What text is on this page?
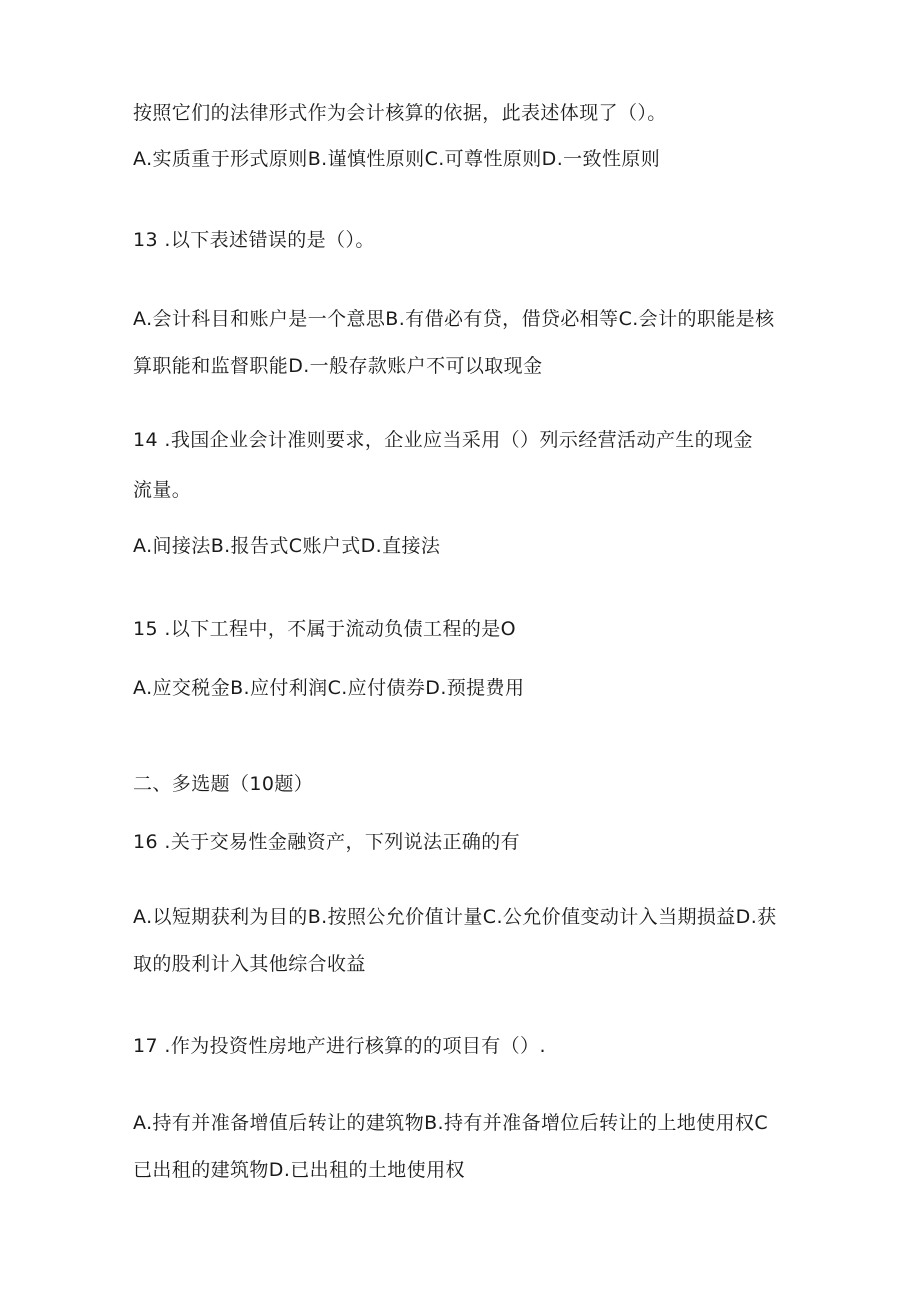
按照它们的法律形式作为会计核算的依据，此表述体现了（）。
A.实质重于形式原则B.谨慎性原则C.可尊性原则D.一致性原则
13 .以下表述错误的是（）。
A.会计科目和账户是一个意思B.有借必有贷，借贷必相等C.会计的职能是核
算职能和监督职能D.一般存款账户不可以取现金
14 .我国企业会计准则要求，企业应当采用（）列示经营活动产生的现金
流量。
A.间接法B.报告式C账户式D.直接法
15 .以下工程中，不属于流动负债工程的是O
A.应交税金B.应付利润C.应付债券D.预提费用
二、多选题（10题）
16 .关于交易性金融资产，下列说法正确的有
A.以短期获利为目的B.按照公允价值计量C.公允价值变动计入当期损益D.获
取的股利计入其他综合收益
17 .作为投资性房地产进行核算的的项目有（）.
A.持有并准备增值后转让的建筑物B.持有并准备增位后转让的上地使用权C
已出租的建筑物D.已出租的土地使用权
